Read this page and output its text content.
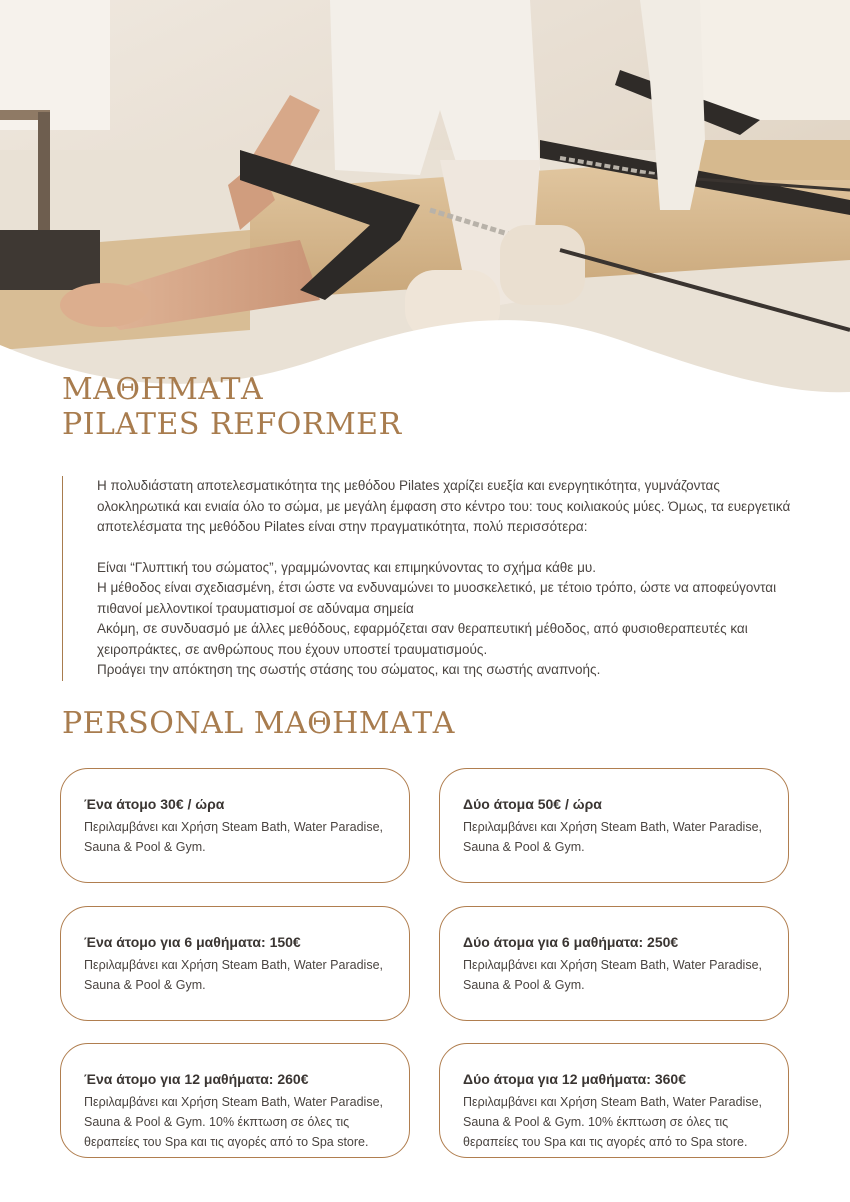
ΜΑΘΗΜΑΤΑ
PILATES REFORMER

Η πολυδιάστατη αποτελεσματικότητα της μεθόδου Pilates χαρίζει ευεξία και ενεργητικότητα, γυμνάζοντας ολοκληρωτικά και ενιαία όλο το σώμα, με μεγάλη έμφαση στο κέντρο του: τους κοιλιακούς μύες. Όμως, τα ευεργετικά αποτελέσματα της μεθόδου Pilates είναι στην πραγματικότητα, πολύ περισσότερα:

Είναι “Γλυπτική του σώματος”, γραμμώνοντας και επιμηκύνοντας το σχήμα κάθε μυ.

Η μέθοδος είναι σχεδιασμένη, έτσι ώστε να ενδυναμώνει το μυοσκελετικό, με τέτοιο τρόπο, ώστε να αποφεύγονται πιθανοί μελλοντικοί τραυματισμοί σε αδύναμα σημεία

Ακόμη, σε συνδυασμό με άλλες μεθόδους, εφαρμόζεται σαν θεραπευτική μέθοδος, από φυσιοθεραπευτές και χειροπράκτες, σε ανθρώπους που έχουν υποστεί τραυματισμούς.

Προάγει την απόκτηση της σωστής στάσης του σώματος, και της σωστής αναπνοής.

PERSONAL ΜΑΘΗΜΑΤΑ

Ένα άτομο 30€ / ώρα

Περιλαμβάνει και Χρήση Steam Bath, Water Paradise, Sauna & Pool & Gym.

Δύο άτομα 50€ / ώρα

Περιλαμβάνει και Χρήση Steam Bath, Water Paradise, Sauna & Pool & Gym.

Ένα άτομο για 6 μαθήματα: 150€

Περιλαμβάνει και Χρήση Steam Bath, Water Paradise, Sauna & Pool & Gym.

Δύο άτομα για 6 μαθήματα: 250€

Περιλαμβάνει και Χρήση Steam Bath, Water Paradise, Sauna & Pool & Gym.

Ένα άτομο για 12 μαθήματα: 260€

Περιλαμβάνει και Χρήση Steam Bath, Water Paradise, Sauna & Pool & Gym. 10% έκπτωση σε όλες τις θεραπείες του Spa και τις αγορές από το Spa store.

Δύο άτομα για 12 μαθήματα: 360€

Περιλαμβάνει και Χρήση Steam Bath, Water Paradise, Sauna & Pool & Gym. 10% έκπτωση σε όλες τις θεραπείες του Spa και τις αγορές από το Spa store.
